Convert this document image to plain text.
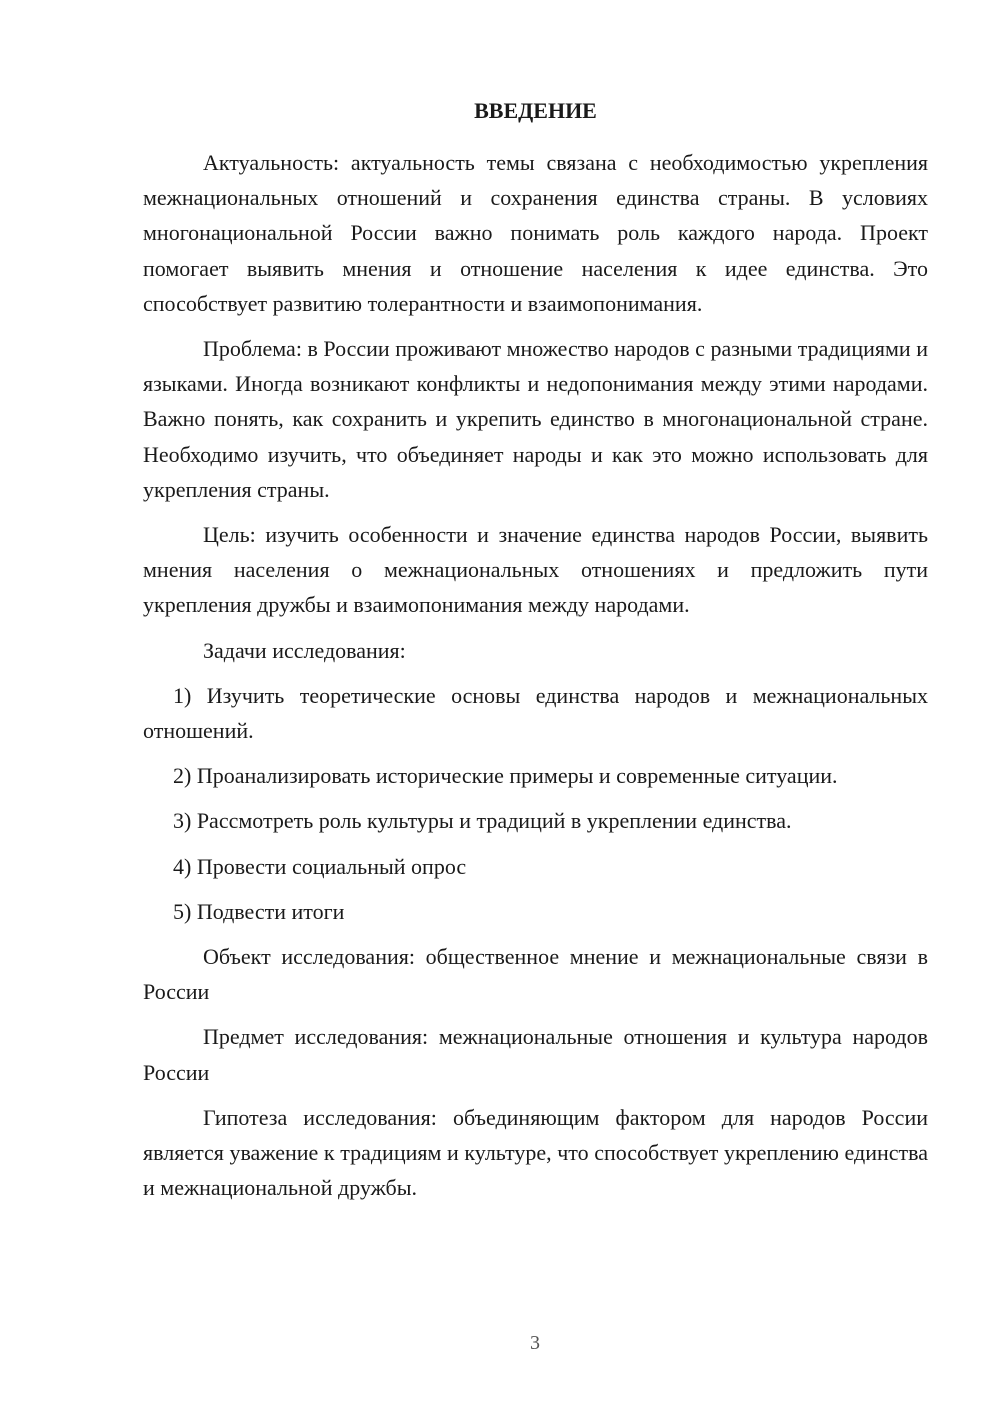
ВВЕДЕНИЕ

Актуальность: актуальность темы связана с необходимостью укрепления межнациональных отношений и сохранения единства страны. В условиях многонациональной России важно понимать роль каждого народа. Проект помогает выявить мнения и отношение населения к идее единства. Это способствует развитию толерантности и взаимопонимания.

Проблема: в России проживают множество народов с разными традициями и языками. Иногда возникают конфликты и недопонимания между этими народами. Важно понять, как сохранить и укрепить единство в многонациональной стране. Необходимо изучить, что объединяет народы и как это можно использовать для укрепления страны.

Цель: изучить особенности и значение единства народов России, выявить мнения населения о межнациональных отношениях и предложить пути укрепления дружбы и взаимопонимания между народами.

Задачи исследования:

1) Изучить теоретические основы единства народов и межнациональных отношений.

2) Проанализировать исторические примеры и современные ситуации.

3) Рассмотреть роль культуры и традиций в укреплении единства.

4) Провести социальный опрос

5) Подвести итоги

Объект исследования: общественное мнение и межнациональные связи в России

Предмет исследования: межнациональные отношения и культура народов России

Гипотеза исследования: объединяющим фактором для народов России является уважение к традициям и культуре, что способствует укреплению единства и межнациональной дружбы.

3
